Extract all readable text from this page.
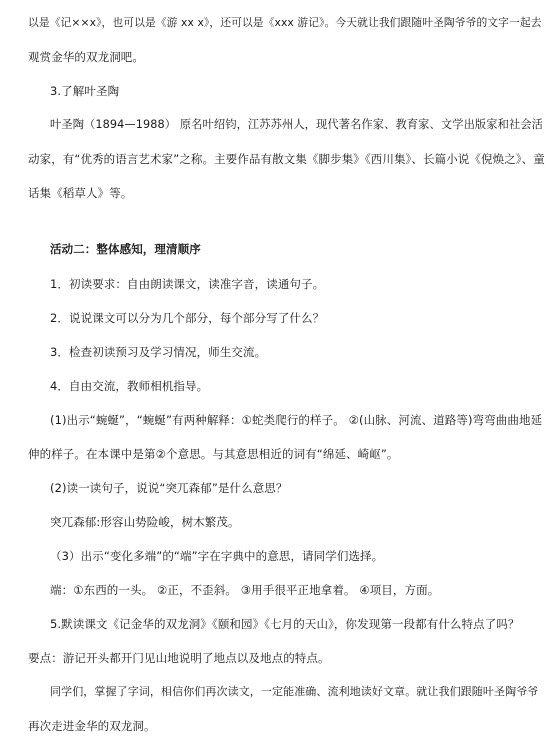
以是《记××x》，也可以是《游 xx x》，还可以是《xxx 游记》。今天就让我们跟随叶圣陶爷爷的文字一起去
观赏金华的双龙洞吧。
3.了解叶圣陶
叶圣陶（1894—1988） 原名叶绍钧，江苏苏州人，现代著名作家、教育家、文学出版家和社会活
动家，有“优秀的语言艺术家”之称。主要作品有散文集《脚步集》《西川集》、长篇小说《倪焕之》、童
话集《稻草人》等。
活动二：整体感知，理清顺序
1．初读要求：自由朗读课文，读准字音，读通句子。
2．说说课文可以分为几个部分，每个部分写了什么？
3．检查初读预习及学习情况，师生交流。
4．自由交流，教师相机指导。
(1)出示“蜿蜒”，“蜿蜒”有两种解释：①蛇类爬行的样子。 ②(山脉、河流、道路等)弯弯曲曲地延
伸的样子。在本课中是第②个意思。与其意思相近的词有“绵延、崎岖”。
(2)读一读句子，说说“突兀森郁”是什么意思？
突兀森郁:形容山势险峻，树木繁茂。
（3）出示“变化多端”的“端”字在字典中的意思，请同学们选择。
端：①东西的一头。 ②正，不歪斜。 ③用手很平正地拿着。 ④项目，方面。
5.默读课文《记金华的双龙洞》《颐和园》《七月的天山》，你发现第一段都有什么特点了吗？
要点：游记开头都开门见山地说明了地点以及地点的特点。
同学们，掌握了字词，相信你们再次读文，一定能准确、流利地读好文章。就让我们跟随叶圣陶爷爷
再次走进金华的双龙洞。
